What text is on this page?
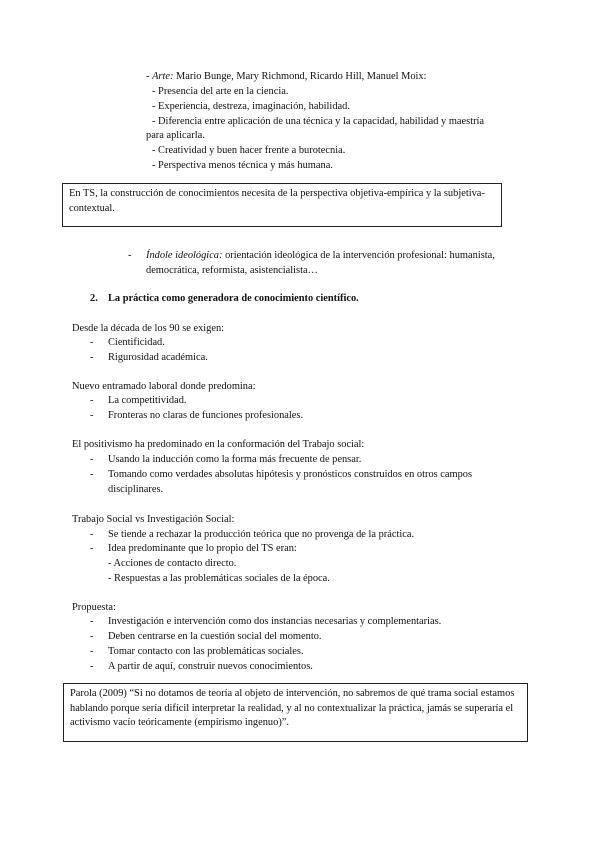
- Arte: Mario Bunge, Mary Richmond, Ricardo Hill, Manuel Moix:
- Presencia del arte en la ciencia.
- Experiencia, destreza, imaginación, habilidad.
- Diferencia entre aplicación de una técnica y la capacidad, habilidad y maestría
para aplicarla.
- Creatividad y buen hacer frente a burotecnia.
- Perspectiva menos técnica y más humana.

En TS, la construcción de conocimientos necesita de la perspectiva objetiva-empírica y la subjetiva-contextual.

- Índole ideológica: orientación ideológica de la intervención profesional: humanista,
democrática, reformista, asistencialista…
2. La práctica como generadora de conocimiento científico.
Desde la década de los 90 se exigen:
- Cientificidad.
- Rigurosidad académica.
Nuevo entramado laboral donde predomina:
- La competitividad.
- Fronteras no claras de funciones profesionales.
El positivismo ha predominado en la conformación del Trabajo social:
- Usando la inducción como la forma más frecuente de pensar.
- Tomando como verdades absolutas hipótesis y pronósticos construidos en otros campos
disciplinares.
Trabajo Social vs Investigación Social:
- Se tiende a rechazar la producción teórica que no provenga de la práctica.
- Idea predominante que lo propio del TS eran:
- Acciones de contacto directo.
- Respuestas a las problemáticas sociales de la época.
Propuesta:
- Investigación e intervención como dos instancias necesarias y complementarias.
- Deben centrarse en la cuestión social del momento.
- Tomar contacto con las problemáticas sociales.
- A partir de aquí, construir nuevos conocimientos.

Parola (2009) “Si no dotamos de teoría al objeto de intervención, no sabremos de qué trama social estamos hablando porque sería difícil interpretar la realidad, y al no contextualizar la práctica, jamás se superaría el activismo vacío teóricamente (empirismo ingenuo)”.
